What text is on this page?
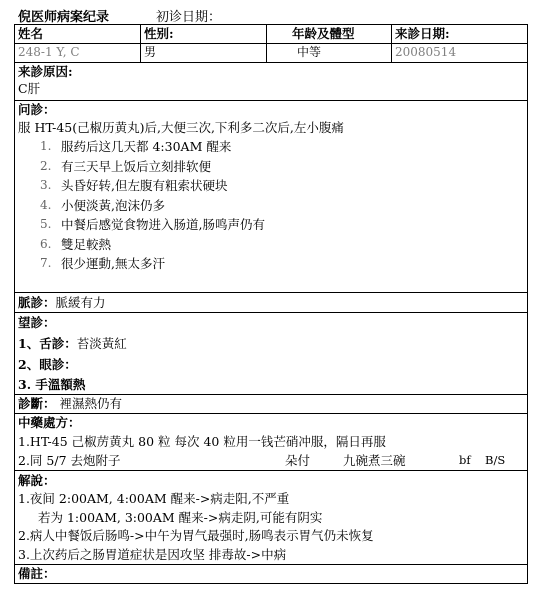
倪医师病案纪录	初诊日期：
姓名	性别:	年龄及體型	来診日期:
248-1 Y, C	男	中等	20080514
来診原因:
C肝
问診：
服 HT-45(己椒历黄丸)后,大便三次,下利多二次后,左小腹痛
1. 服药后这几天都 4:30AM 醒来
2. 有三天早上饭后立刻排软便
3. 头昏好转,但左腹有粗索状硬块
4. 小便淡黃,泡沫仍多
5. 中餐后感觉食物进入肠道,肠鸣声仍有
6. 雙足較熱
7. 很少運動,無太多汗
脈診：脈緩有力
望診：
1、舌診：苔淡黃紅
2、眼診：
3. 手溫額熱
診斷： 裡濕熱仍有
中藥處方：
1.HT-45 己椒苈黄丸 80 粒 每次 40 粒用一钱芒硝冲服，隔日再服
2.同 5/7 去炮附子	朵付	九碗煮三碗	bf B/S
解說：
1.夜间 2:00AM, 4:00AM 醒来->病走阳,不严重
若为 1:00AM, 3:00AM 醒来->病走阴,可能有阴实
2.病人中餐饭后肠鸣->中午为胃气最强时,肠鸣表示胃气仍未恢复
3.上次药后之肠胃道症状是因攻坚 排毒故->中病
備註：
